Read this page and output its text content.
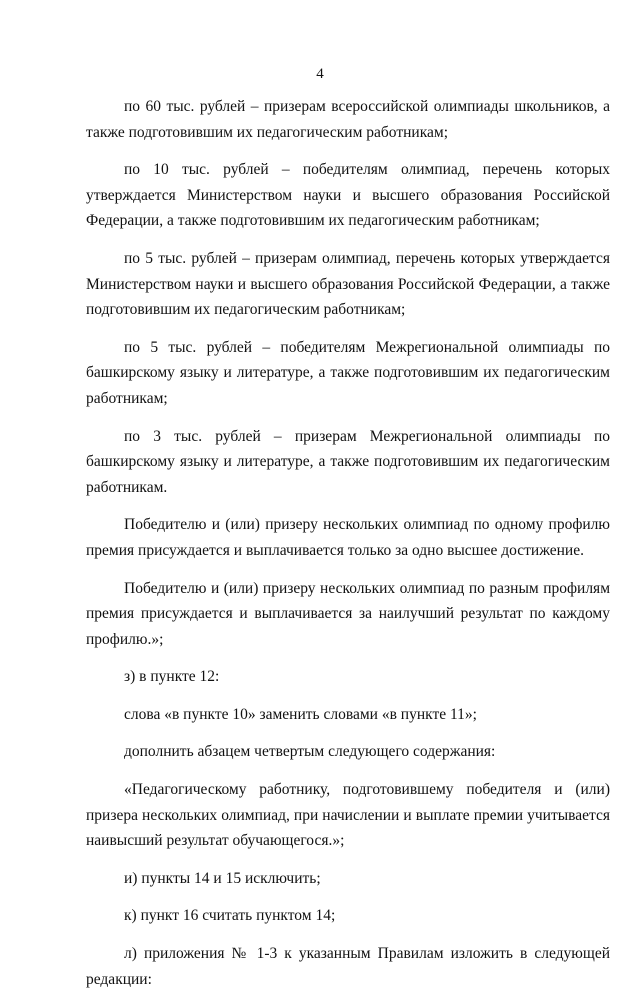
4

по 60 тыс. рублей – призерам всероссийской олимпиады школьников, а также подготовившим их педагогическим работникам;

по 10 тыс. рублей – победителям олимпиад, перечень которых утверждается Министерством науки и высшего образования Российской Федерации, а также подготовившим их педагогическим работникам;

по 5 тыс. рублей – призерам олимпиад, перечень которых утверждается Министерством науки и высшего образования Российской Федерации, а также подготовившим их педагогическим работникам;

по 5 тыс. рублей – победителям Межрегиональной олимпиады по башкирскому языку и литературе, а также подготовившим их педагогическим работникам;

по 3 тыс. рублей – призерам Межрегиональной олимпиады по башкирскому языку и литературе, а также подготовившим их педагогическим работникам.

Победителю и (или) призеру нескольких олимпиад по одному профилю премия присуждается и выплачивается только за одно высшее достижение.

Победителю и (или) призеру нескольких олимпиад по разным профилям премия присуждается и выплачивается за наилучший результат по каждому профилю.»;

з) в пункте 12:

слова «в пункте 10» заменить словами «в пункте 11»;

дополнить абзацем четвертым следующего содержания:

«Педагогическому работнику, подготовившему победителя и (или) призера нескольких олимпиад, при начислении и выплате премии учитывается наивысший результат обучающегося.»;

и) пункты 14 и 15 исключить;

к) пункт 16 считать пунктом 14;

л) приложения № 1-3 к указанным Правилам изложить в следующей редакции:
